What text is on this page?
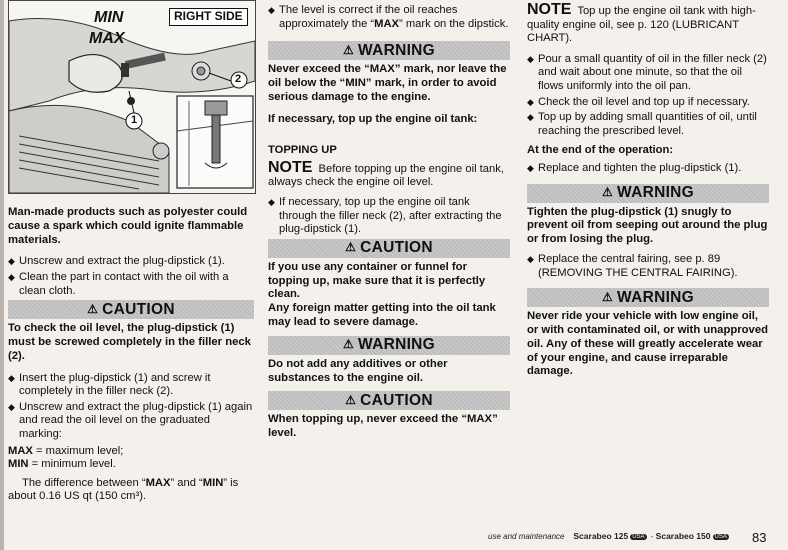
MIN
MAX
RIGHT SIDE
2
1

Man-made products such as polyester could cause a spark which could ignite flammable materials.

◆ Unscrew and extract the plug-dipstick (1).

◆ Clean the part in contact with the oil with a clean cloth.

⚠ CAUTION

To check the oil level, the plug-dipstick (1) must be screwed completely in the filler neck (2).

◆ Insert the plug-dipstick (1) and screw it completely in the filler neck (2).

◆ Unscrew and extract the plug-dipstick (1) again and read the oil level on the graduated marking:

MAX = maximum level;

MIN = minimum level.

The difference between “MAX” and “MIN” is about 0.16 US qt (150 cm³).

◆ The level is correct if the oil reaches approximately the “MAX” mark on the dipstick.

⚠ WARNING

Never exceed the “MAX” mark, nor leave the oil below the “MIN” mark, in order to avoid serious damage to the engine.

If necessary, top up the engine oil tank:

TOPPING UP

NOTE Before topping up the engine oil tank, always check the engine oil level.

◆ If necessary, top up the engine oil tank through the filler neck (2), after extracting the plug-dipstick (1).

⚠ CAUTION

If you use any container or funnel for topping up, make sure that it is perfectly clean.

Any foreign matter getting into the oil tank may lead to severe damage.

⚠ WARNING

Do not add any additives or other substances to the engine oil.

⚠ CAUTION

When topping up, never exceed the “MAX” level.

NOTE Top up the engine oil tank with high-quality engine oil, see p. 120 (LUBRICANT CHART).

◆ Pour a small quantity of oil in the filler neck (2) and wait about one minute, so that the oil flows uniformly into the oil pan.

◆ Check the oil level and top up if necessary.

◆ Top up by adding small quantities of oil, until reaching the prescribed level.

At the end of the operation:

◆ Replace and tighten the plug-dipstick (1).

⚠ WARNING

Tighten the plug-dipstick (1) snugly to prevent oil from seeping out around the plug or from losing the plug.

◆ Replace the central fairing, see p. 89 (REMOVING THE CENTRAL FAIRING).

⚠ WARNING

Never ride your vehicle with low engine oil, or with contaminated oil, or with unapproved oil. Any of these will greatly accelerate wear of your engine, and cause irreparable damage.

use and maintenance Scarabeo 125 USA - Scarabeo 150 USA	83
